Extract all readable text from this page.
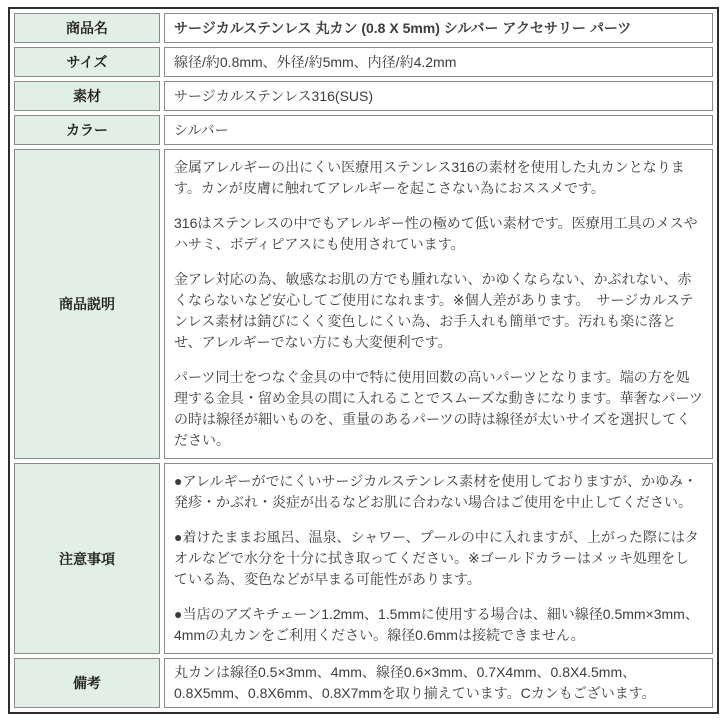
商品名	サージカルステンレス 丸カン (0.8 X 5mm) シルバー アクセサリー パーツ
サイズ	線径/約0.8mm、外径/約5mm、内径/約4.2mm
素材	サージカルステンレス316(SUS)
カラー	シルバー
商品説明	金属アレルギーの出にくい医療用ステンレス316の素材を使用した丸カンとなります。カンが皮膚に触れてアレルギーを起こさない為におススメです。

316はステンレスの中でもアレルギー性の極めて低い素材です。医療用工具のメスやハサミ、ボディピアスにも使用されています。

金アレ対応の為、敏感なお肌の方でも腫れない、かゆくならない、かぶれない、赤くならないなど安心してご使用になれます。※個人差があります。　サージカルステンレス素材は錆びにくく変色しにくい為、お手入れも簡単です。汚れも楽に落とせ、アレルギーでない方にも大変便利です。

パーツ同士をつなぐ金具の中で特に使用回数の高いパーツとなります。端の方を処理する金具・留め金具の間に入れることでスムーズな動きになります。華奢なパーツの時は線径が細いものを、重量のあるパーツの時は線径が太いサイズを選択してください。

注意事項	●アレルギーがでにくいサージカルステンレス素材を使用しておりますが、かゆみ・発疹・かぶれ・炎症が出るなどお肌に合わない場合はご使用を中止してください。

●着けたままお風呂、温泉、シャワー、プールの中に入れますが、上がった際にはタオルなどで水分を十分に拭き取ってください。※ゴールドカラーはメッキ処理をしている為、変色などが早まる可能性があります。

●当店のアズキチェーン1.2mm、1.5mmに使用する場合は、細い線径0.5mm×3mm、4mmの丸カンをご利用ください。線径0.6mmは接続できません。

備考	丸カンは線径0.5×3mm、4mm、線径0.6×3mm、0.7X4mm、0.8X4.5mm、0.8X5mm、0.8X6mm、0.8X7mmを取り揃えています。Cカンもございます。
